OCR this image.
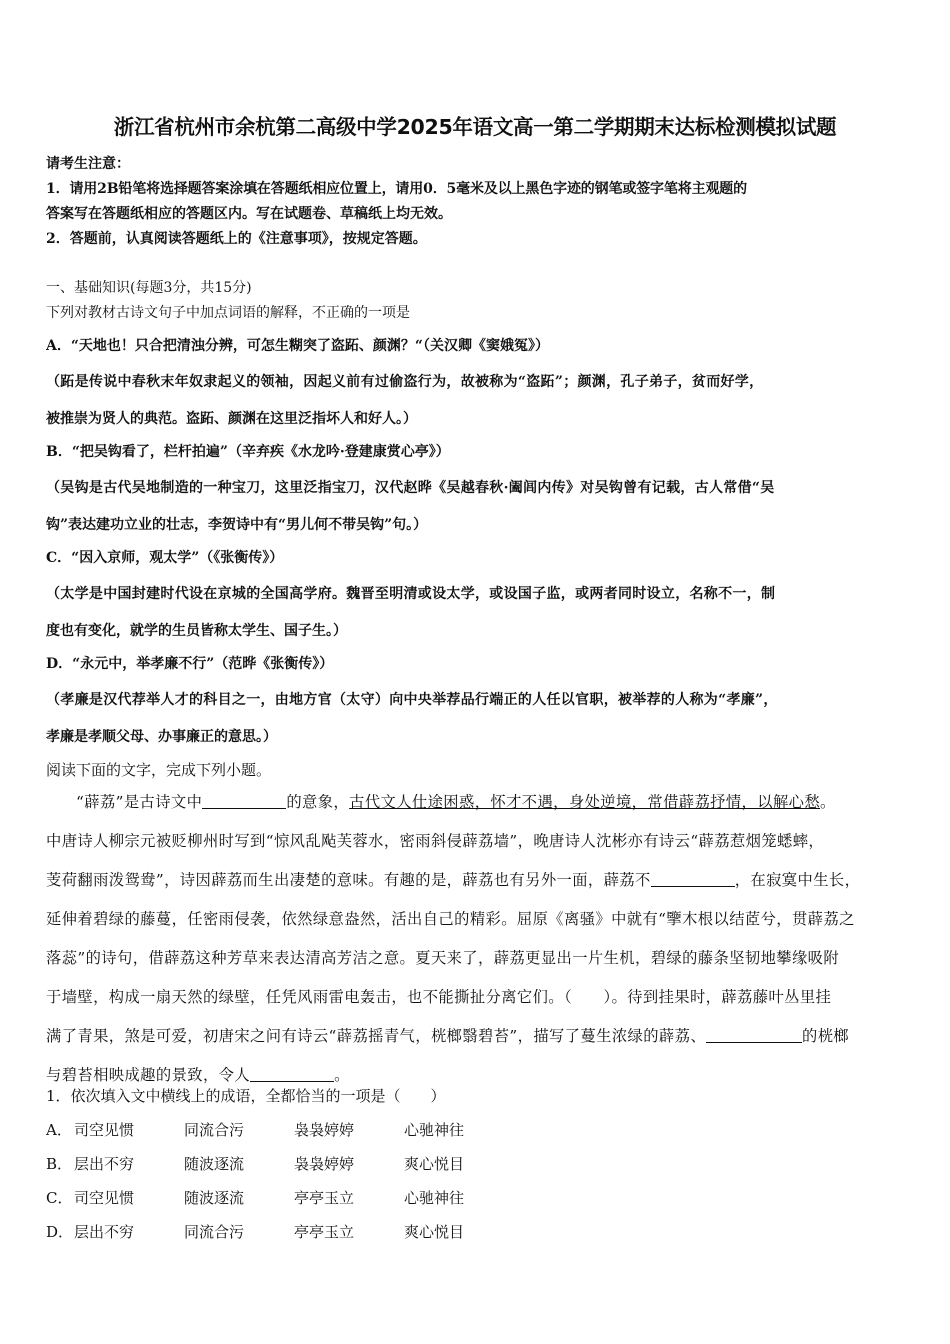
浙江省杭州市余杭第二高级中学2025年语文高一第二学期期末达标检测模拟试题
请考生注意：
1．请用2B铅笔将选择题答案涂填在答题纸相应位置上，请用0．5毫米及以上黑色字迹的钢笔或签字笔将主观题的
答案写在答题纸相应的答题区内。写在试题卷、草稿纸上均无效。
2．答题前，认真阅读答题纸上的《注意事项》，按规定答题。
一、基础知识(每题3分，共15分)
下列对教材古诗文句子中加点词语的解释，不正确的一项是
A．“天地也！只合把清浊分辨，可怎生糊突了盗跖、颜渊？“（关汉卿《窦娥冤》）
（跖是传说中春秋末年奴隶起义的领袖，因起义前有过偷盗行为，故被称为“盗跖”；颜渊，孔子弟子，贫而好学，
被推崇为贤人的典范。盗跖、颜渊在这里泛指坏人和好人。）
B．“把吴钩看了，栏杆拍遍”（辛弃疾《水龙吟·登建康赏心亭》）
（吴钩是古代吴地制造的一种宝刀，这里泛指宝刀，汉代赵晔《吴越春秋·阖闾内传》对吴钩曾有记载，古人常借“吴
钩”表达建功立业的壮志，李贺诗中有“男儿何不带吴钩”句。）
C．“因入京师，观太学”（《张衡传》）
（太学是中国封建时代设在京城的全国高学府。魏晋至明清或设太学，或设国子监，或两者同时设立，名称不一，制
度也有变化，就学的生员皆称太学生、国子生。）
D．“永元中，举孝廉不行”（范晔《张衡传》）
（孝廉是汉代荐举人才的科目之一，由地方官（太守）向中央举荐品行端正的人任以官职，被举荐的人称为“孝廉”，
孝廉是孝顺父母、办事廉正的意思。）
阅读下面的文字，完成下列小题。
“薜荔”是古诗文中	的意象，古代文人仕途困惑，怀才不遇，身处逆境，常借薜荔抒情，以解心愁。
中唐诗人柳宗元被贬柳州时写到“惊风乱飐芙蓉水，密雨斜侵薜荔墙”，晚唐诗人沈彬亦有诗云“薜荔惹烟笼蟋蟀，
芰荷翻雨泼鸳鸯”，诗因薜荔而生出凄楚的意味。有趣的是，薜荔也有另外一面，薜荔不	，在寂寞中生长，
延伸着碧绿的藤蔓，任密雨侵袭，依然绿意盎然，活出自己的精彩。屈原《离骚》中就有“擥木根以结茝兮，贯薜荔之
落蕊”的诗句，借薜荔这种芳草来表达清高芳洁之意。夏天来了，薜荔更显出一片生机，碧绿的藤条坚韧地攀缘吸附
于墙壁，构成一扇天然的绿壁，任凭风雨雷电轰击，也不能撕扯分离它们。（　　）。待到挂果时，薜荔藤叶丛里挂
满了青果，煞是可爱，初唐宋之问有诗云“薜荔摇青气，桄榔翳碧苔”，描写了蔓生浓绿的薜荔、	的桄榔
与碧苔相映成趣的景致，令人	。
1．依次填入文中横线上的成语，全都恰当的一项是（　　）
A． 司空见惯	同流合污	袅袅婷婷	心驰神往
B． 层出不穷	随波逐流	袅袅婷婷	爽心悦目
C． 司空见惯	随波逐流	亭亭玉立	心驰神往
D．层出不穷	同流合污	亭亭玉立	爽心悦目
